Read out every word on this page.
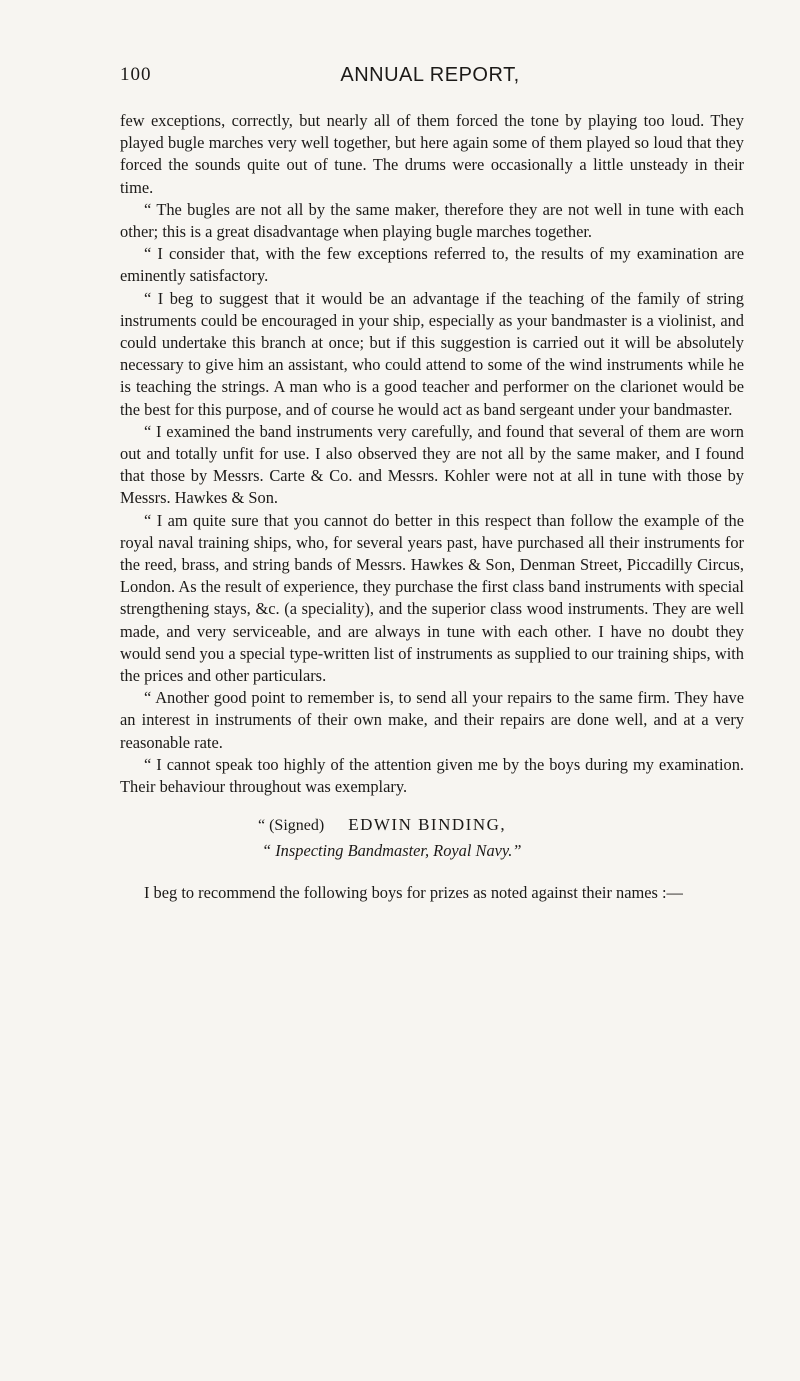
100	ANNUAL REPORT,

few exceptions, correctly, but nearly all of them forced the tone by playing too loud. They played bugle marches very well together, but here again some of them played so loud that they forced the sounds quite out of tune. The drums were occasionally a little unsteady in their time.

“ The bugles are not all by the same maker, therefore they are not well in tune with each other; this is a great disadvantage when playing bugle marches together.

“ I consider that, with the few exceptions referred to, the results of my examination are eminently satisfactory.

“ I beg to suggest that it would be an advantage if the teaching of the family of string instruments could be encouraged in your ship, especially as your bandmaster is a violinist, and could undertake this branch at once; but if this suggestion is carried out it will be absolutely necessary to give him an assistant, who could attend to some of the wind instruments while he is teaching the strings. A man who is a good teacher and performer on the clarionet would be the best for this purpose, and of course he would act as band sergeant under your bandmaster.

“ I examined the band instruments very carefully, and found that several of them are worn out and totally unfit for use. I also observed they are not all by the same maker, and I found that those by Messrs. Carte & Co. and Messrs. Kohler were not at all in tune with those by Messrs. Hawkes & Son.

“ I am quite sure that you cannot do better in this respect than follow the example of the royal naval training ships, who, for several years past, have purchased all their instruments for the reed, brass, and string bands of Messrs. Hawkes & Son, Denman Street, Piccadilly Circus, London. As the result of experience, they purchase the first class band instruments with special strengthening stays, &c. (a speciality), and the superior class wood instruments. They are well made, and very serviceable, and are always in tune with each other. I have no doubt they would send you a special type-written list of instruments as supplied to our training ships, with the prices and other particulars.

“ Another good point to remember is, to send all your repairs to the same firm. They have an interest in instruments of their own make, and their repairs are done well, and at a very reasonable rate.

“ I cannot speak too highly of the attention given me by the boys during my examination. Their behaviour throughout was exemplary.

“ (Signed) EDWIN BINDING,
“ Inspecting Bandmaster, Royal Navy.”

I beg to recommend the following boys for prizes as noted against their names :—
